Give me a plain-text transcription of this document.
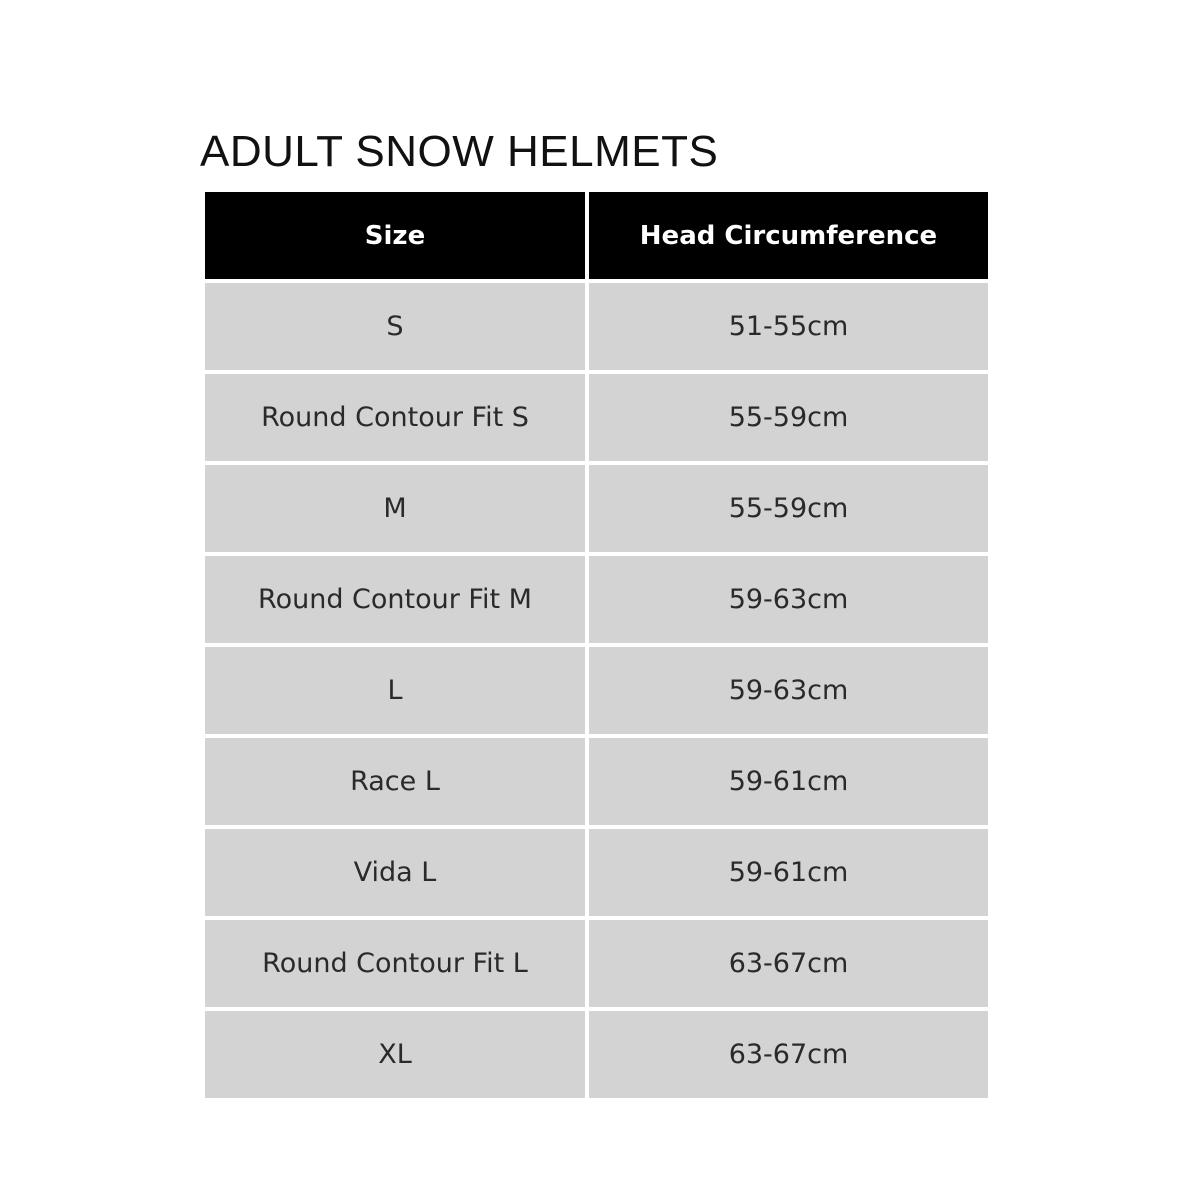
ADULT SNOW HELMETS
Size	Head Circumference
S	51-55cm
Round Contour Fit S	55-59cm
M	55-59cm
Round Contour Fit M	59-63cm
L	59-63cm
Race L	59-61cm
Vida L	59-61cm
Round Contour Fit L	63-67cm
XL	63-67cm
